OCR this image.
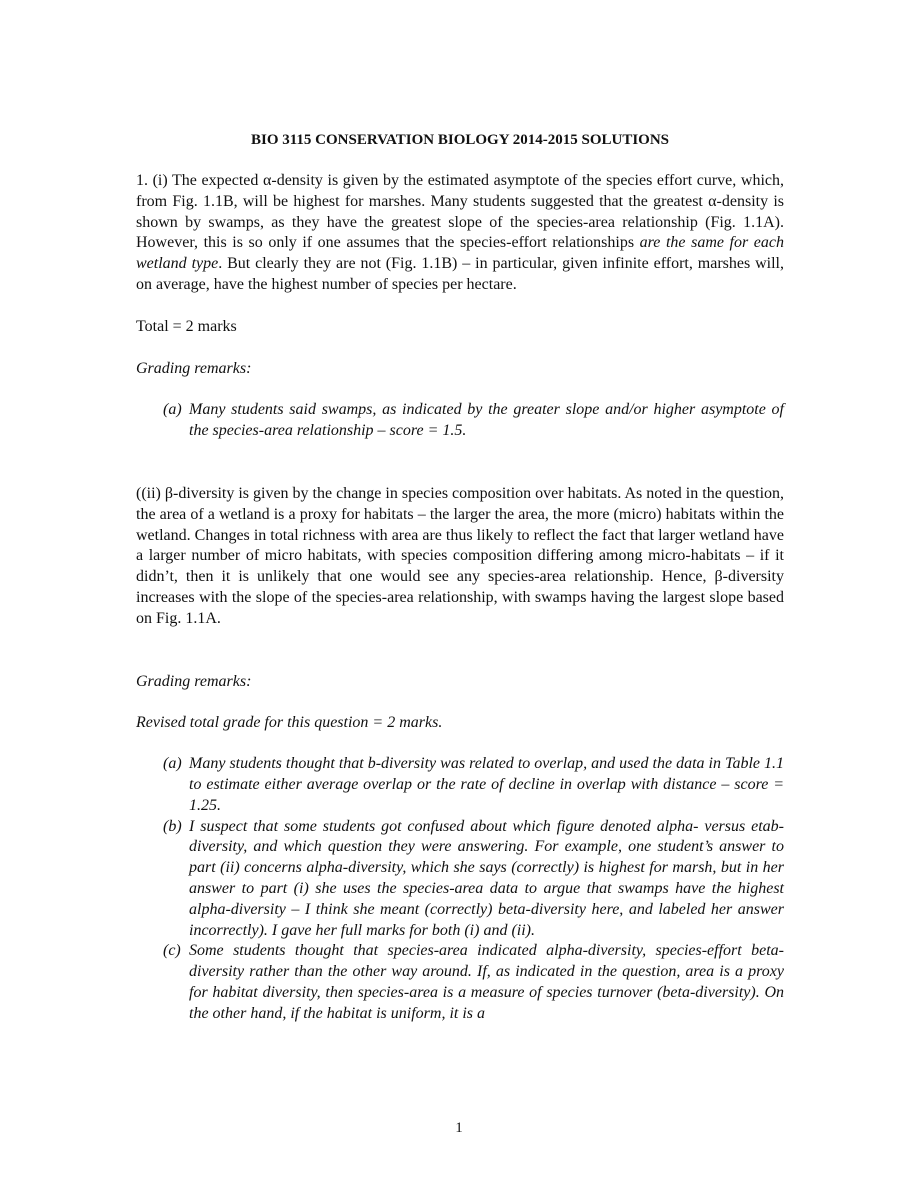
BIO 3115 CONSERVATION BIOLOGY 2014-2015 SOLUTIONS

1. (i) The expected α-density is given by the estimated asymptote of the species effort curve, which, from Fig. 1.1B, will be highest for marshes. Many students suggested that the greatest α-density is shown by swamps, as they have the greatest slope of the species-area relationship (Fig. 1.1A). However, this is so only if one assumes that the species-effort relationships are the same for each wetland type. But clearly they are not (Fig. 1.1B) – in particular, given infinite effort, marshes will, on average, have the highest number of species per hectare.

Total = 2 marks

Grading remarks:

(a) Many students said swamps, as indicated by the greater slope and/or higher asymptote of the species-area relationship – score = 1.5.

((ii) β-diversity is given by the change in species composition over habitats. As noted in the question, the area of a wetland is a proxy for habitats – the larger the area, the more (micro) habitats within the wetland. Changes in total richness with area are thus likely to reflect the fact that larger wetland have a larger number of micro habitats, with species composition differing among micro-habitats – if it didn’t, then it is unlikely that one would see any species-area relationship. Hence, β-diversity increases with the slope of the species-area relationship, with swamps having the largest slope based on Fig. 1.1A.

Grading remarks:

Revised total grade for this question = 2 marks.

(a) Many students thought that b-diversity was related to overlap, and used the data in Table 1.1 to estimate either average overlap or the rate of decline in overlap with distance – score = 1.25.
(b) I suspect that some students got confused about which figure denoted alpha- versus etab-diversity, and which question they were answering. For example, one student’s answer to part (ii) concerns alpha-diversity, which she says (correctly) is highest for marsh, but in her answer to part (i) she uses the species-area data to argue that swamps have the highest alpha-diversity – I think she meant (correctly) beta-diversity here, and labeled her answer incorrectly). I gave her full marks for both (i) and (ii).
(c) Some students thought that species-area indicated alpha-diversity, species-effort beta-diversity rather than the other way around. If, as indicated in the question, area is a proxy for habitat diversity, then species-area is a measure of species turnover (beta-diversity). On the other hand, if the habitat is uniform, it is a
1
